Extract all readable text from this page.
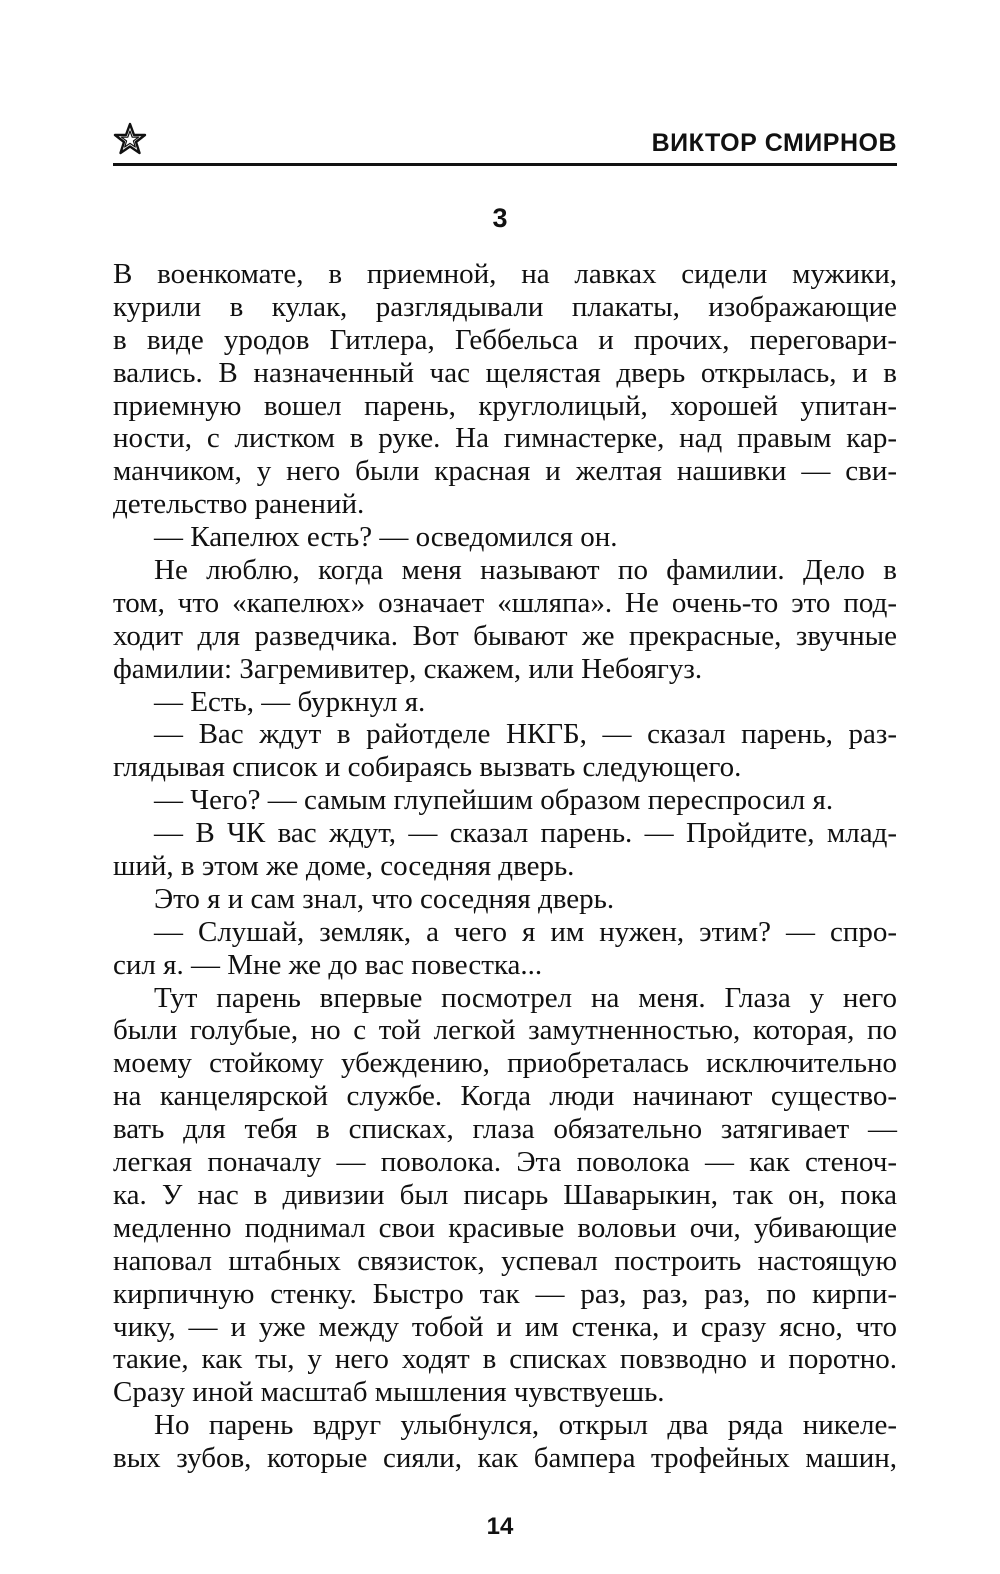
ВИКТОР СМИРНОВ
3
В военкомате, в приемной, на лавках сидели мужики,
курили в кулак, разглядывали плакаты, изображающие
в виде уродов Гитлера, Геббельса и прочих, переговари-
вались. В назначенный час щелястая дверь открылась, и в
приемную вошел парень, круглолицый, хорошей упитан-
ности, с листком в руке. На гимнастерке, над правым кар-
манчиком, у него были красная и желтая нашивки — сви-
детельство ранений.
— Капелюх есть? — осведомился он.
Не люблю, когда меня называют по фамилии. Дело в
том, что «капелюх» означает «шляпа». Не очень-то это под-
ходит для разведчика. Вот бывают же прекрасные, звучные
фамилии: Загремивитер, скажем, или Небоягуз.
— Есть, — буркнул я.
— Вас ждут в райотделе НКГБ, — сказал парень, раз-
глядывая список и собираясь вызвать следующего.
— Чего? — самым глупейшим образом переспросил я.
— В ЧК вас ждут, — сказал парень. — Пройдите, млад-
ший, в этом же доме, соседняя дверь.
Это я и сам знал, что соседняя дверь.
— Слушай, земляк, а чего я им нужен, этим? — спро-
сил я. — Мне же до вас повестка...
Тут парень впервые посмотрел на меня. Глаза у него
были голубые, но с той легкой замутненностью, которая, по
моему стойкому убеждению, приобреталась исключительно
на канцелярской службе. Когда люди начинают существо-
вать для тебя в списках, глаза обязательно затягивает —
легкая поначалу — поволока. Эта поволока — как стеноч-
ка. У нас в дивизии был писарь Шаварыкин, так он, пока
медленно поднимал свои красивые воловьи очи, убивающие
наповал штабных связисток, успевал построить настоящую
кирпичную стенку. Быстро так — раз, раз, раз, по кирпи-
чику, — и уже между тобой и им стенка, и сразу ясно, что
такие, как ты, у него ходят в списках повзводно и поротно.
Сразу иной масштаб мышления чувствуешь.
Но парень вдруг улыбнулся, открыл два ряда никеле-
вых зубов, которые сияли, как бампера трофейных машин,
14
